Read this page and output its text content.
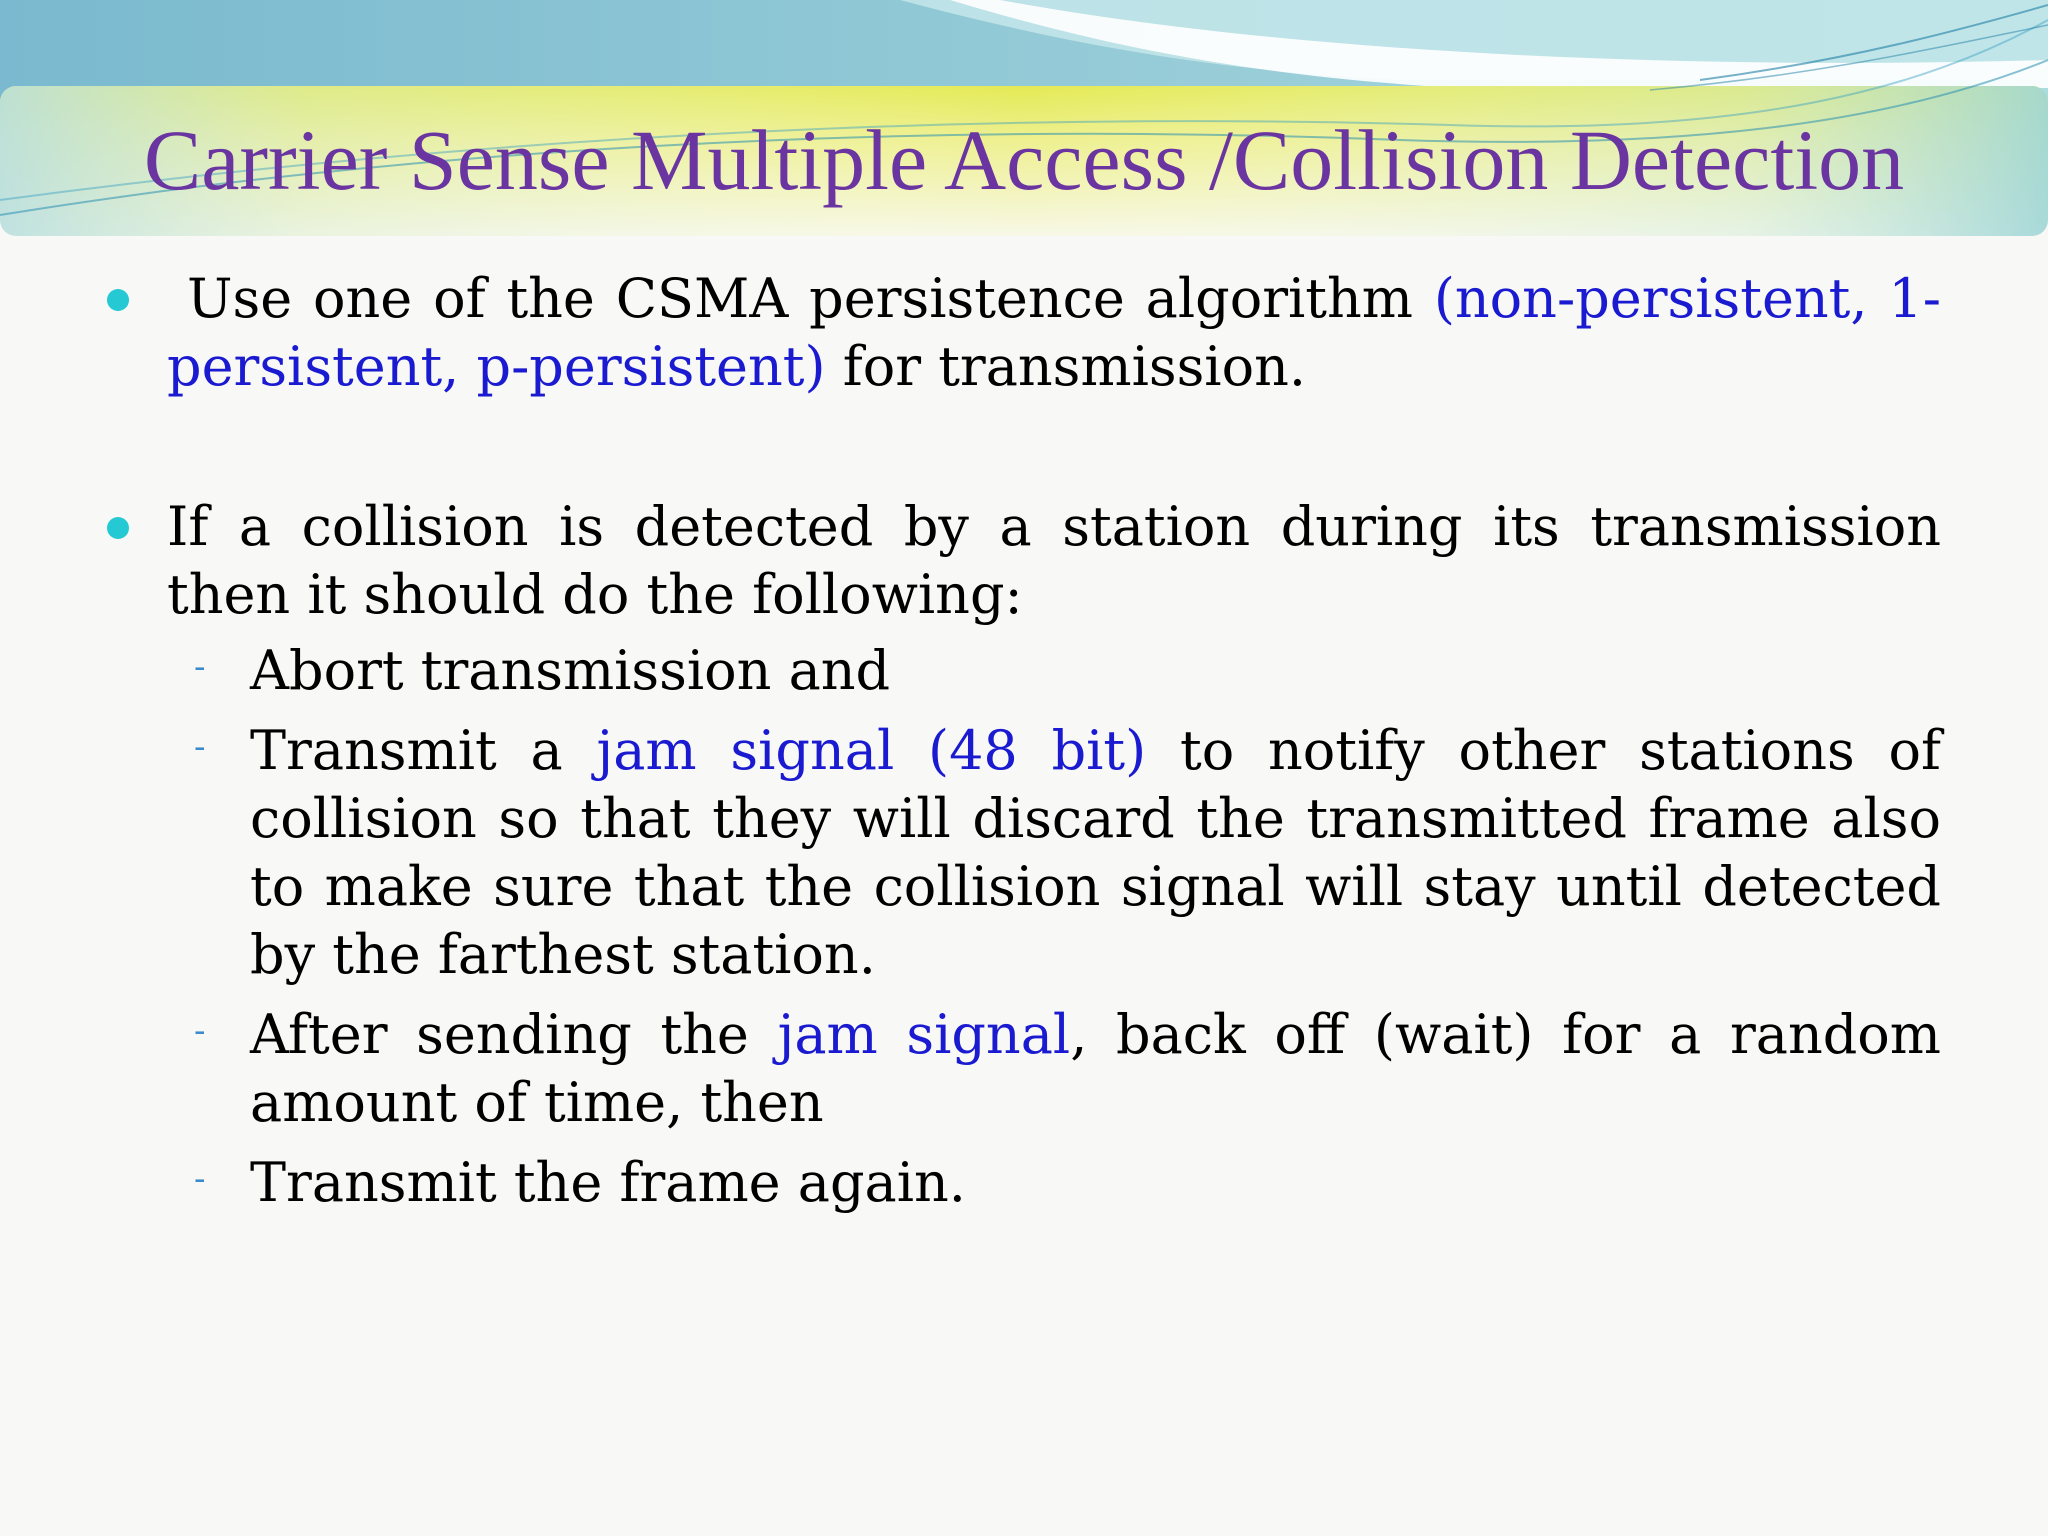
Carrier Sense Multiple Access /Collision Detection
Use one of the CSMA persistence algorithm (non-persistent, 1-persistent, p-persistent) for transmission.
If a collision is detected by a station during its transmission then it should do the following:
- Abort transmission and
- Transmit a jam signal (48 bit) to notify other stations of collision so that they will discard the transmitted frame also to make sure that the collision signal will stay until detected by the farthest station.
- After sending the jam signal, back off (wait) for a random amount of time, then
- Transmit the frame again.
